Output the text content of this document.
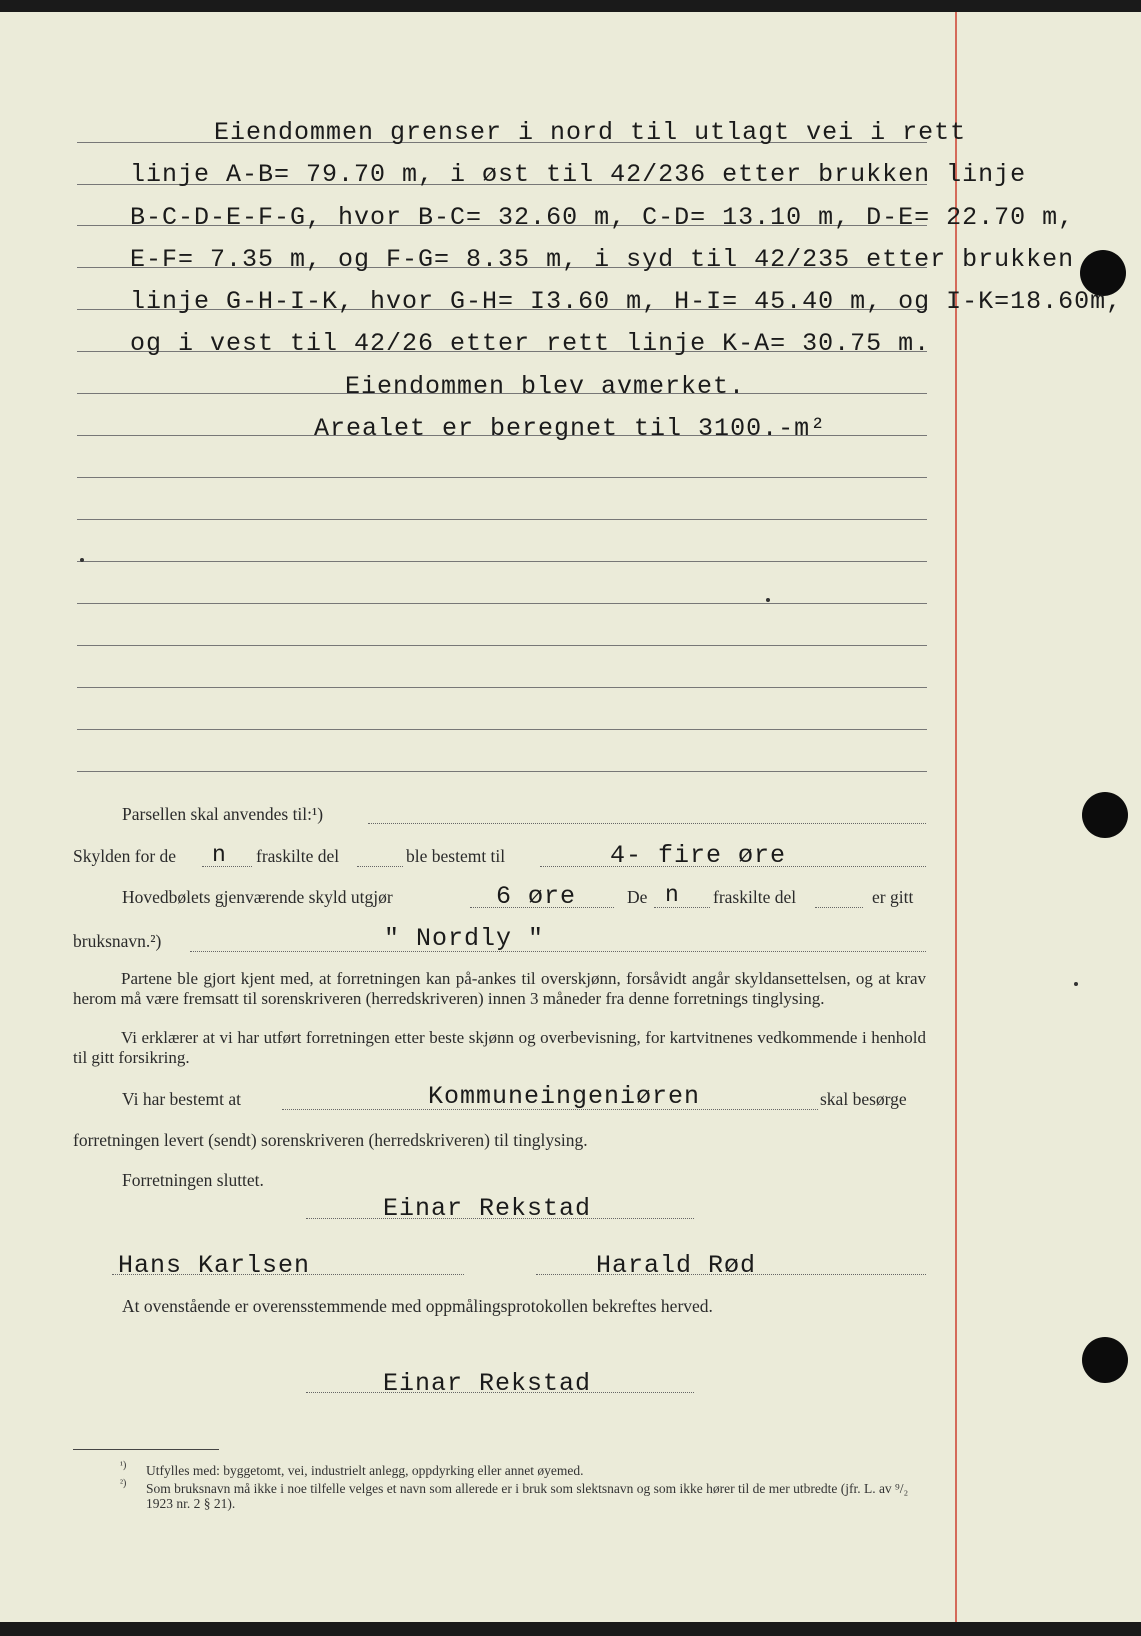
Eiendommen grenser i nord til utlagt vei i rett
linje A-B= 79.70 m, i øst til 42/236 etter brukken linje
B-C-D-E-F-G, hvor B-C= 32.60 m, C-D= 13.10 m, D-E= 22.70 m,
E-F= 7.35 m, og F-G= 8.35 m, i syd til 42/235 etter brukken
linje G-H-I-K, hvor G-H= I3.60 m, H-I= 45.40 m, og I-K=18.60m,
og i vest til 42/26 etter rett linje K-A= 30.75 m.
Eiendommen blev avmerket.
Arealet er beregnet til 3100.-m²
Parsellen skal anvendes til:¹)
Skylden for de n fraskilte del	ble bestemt til	4- fire øre
Hovedbølets gjenværende skyld utgjør	6 øre	De n fraskilte del	er gitt
bruksnavn.²)	" Nordly "
Partene ble gjort kjent med, at forretningen kan på-ankes til overskjønn, forsåvidt angår skyldansettelsen, og at krav herom må være fremsatt til sorenskriveren (herredskriveren) innen 3 måneder fra denne forretnings tinglysing.
Vi erklærer at vi har utført forretningen etter beste skjønn og overbevisning, for kartvitnenes vedkommende i henhold til gitt forsikring.
Vi har bestemt at	Kommuneingeniøren	skal besørge
forretningen levert (sendt) sorenskriveren (herredskriveren) til tinglysing.
Forretningen sluttet.
Einar Rekstad
Hans Karlsen	Harald Rød
At ovenstående er overensstemmende med oppmålingsprotokollen bekreftes herved.
Einar Rekstad
¹) Utfylles med: byggetomt, vei, industrielt anlegg, oppdyrking eller annet øyemed.
²) Som bruksnavn må ikke i noe tilfelle velges et navn som allerede er i bruk som slektsnavn og som ikke hører til de mer utbredte (jfr. L. av ⁹/₂ 1923 nr. 2 § 21).
